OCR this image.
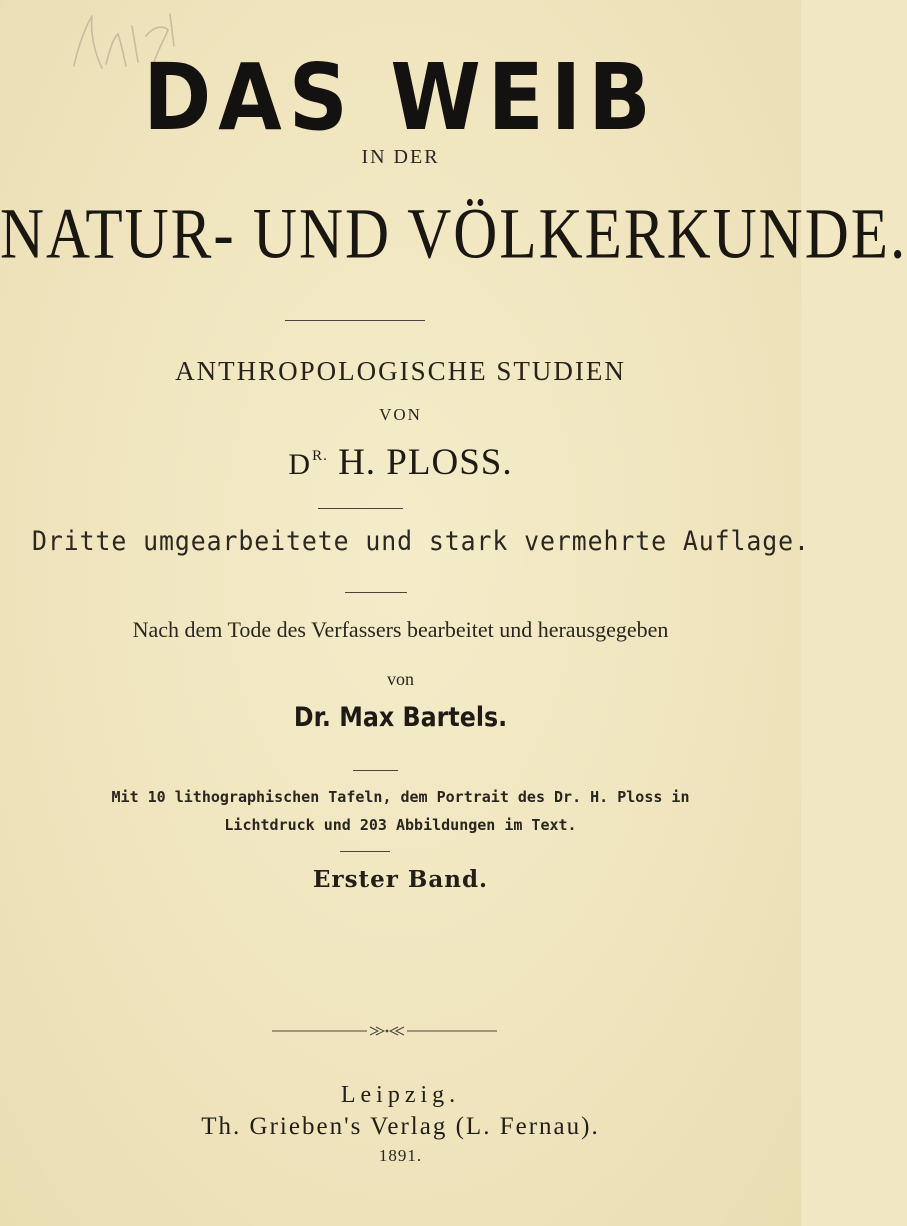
DAS WEIB
IN DER
NATUR- UND VÖLKERKUNDE.
ANTHROPOLOGISCHE STUDIEN
VON
$D^{R.}$ H. PLOSS.
Dritte umgearbeitete und stark vermehrte Auflage.
Nach dem Tode des Verfassers bearbeitet und herausgegeben
von
Dr. Max Bartels.
Mit 10 lithographischen Tafeln, dem Portrait des Dr. H. Ploss in
Lichtdruck und 203 Abbildungen im Text.
Erster Band.
Leipzig.
Th. Grieben's Verlag (L. Fernau).
1891.
